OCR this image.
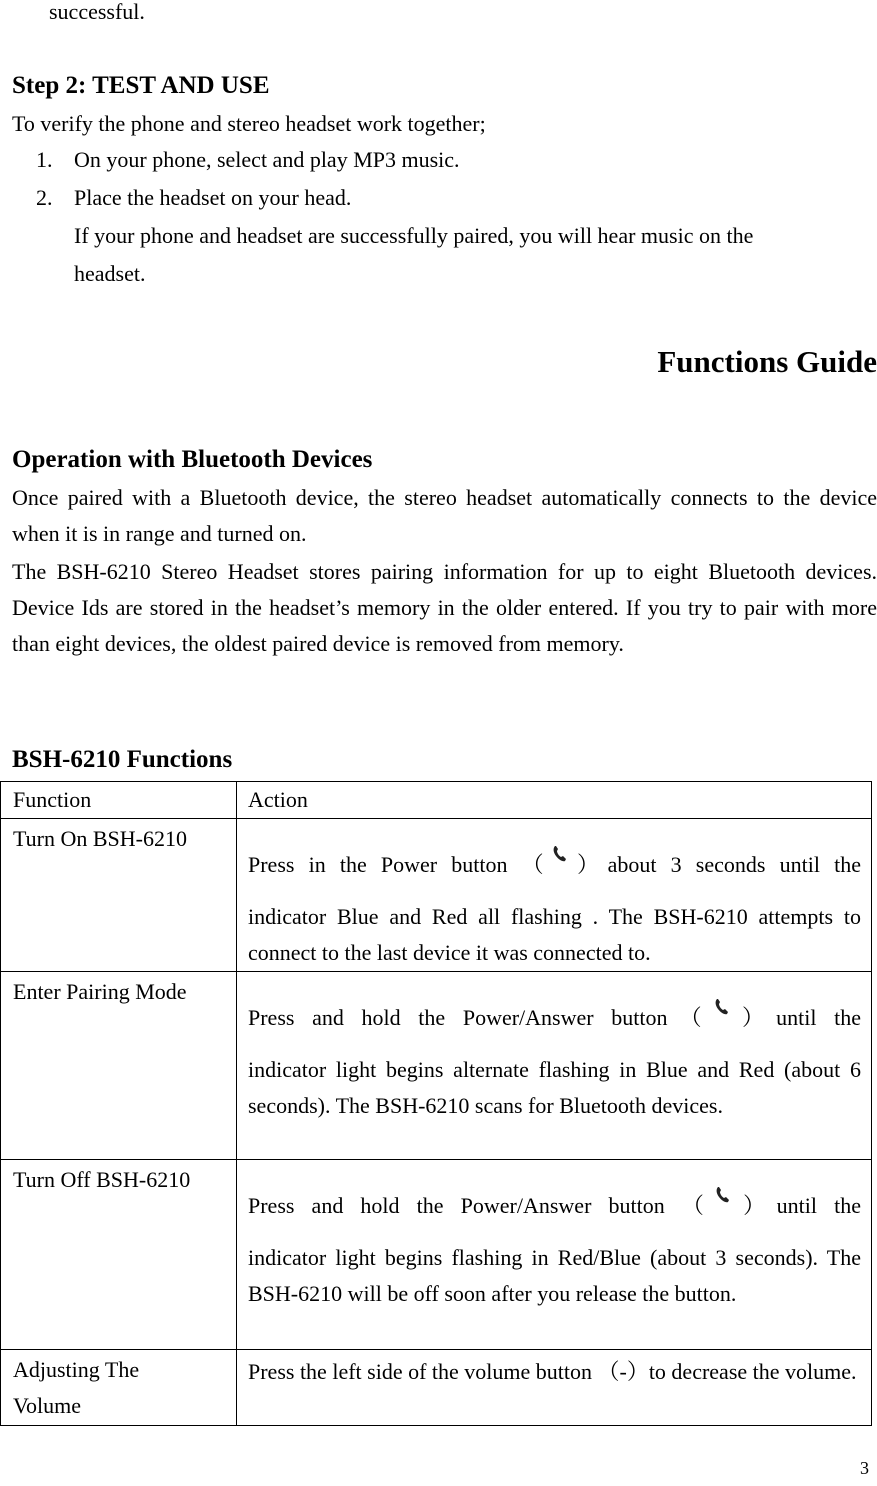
successful.
Step 2: TEST AND USE
To verify the phone and stereo headset work together;
1. On your phone, select and play MP3 music.
2. Place the headset on your head.
If your phone and headset are successfully paired, you will hear music on the
headset.
Functions Guide
Operation with Bluetooth Devices
Once paired with a Bluetooth device, the stereo headset automatically connects to the device when it is in range and turned on.
The BSH-6210 Stereo Headset stores pairing information for up to eight Bluetooth devices. Device Ids are stored in the headset’s memory in the older entered. If you try to pair with more than eight devices, the oldest paired device is removed from memory.
BSH-6210 Functions
Function	Action
Turn On BSH-6210	Press in the Power button （ ）about 3 seconds until the
indicator Blue and Red all flashing . The BSH-6210 attempts to connect to the last device it was connected to.

Enter Pairing Mode	Press and hold the Power/Answer button（ ）until the
indicator light begins alternate flashing in Blue and Red (about 6 seconds). The BSH-6210 scans for Bluetooth devices.

Turn Off BSH-6210	Press and hold the Power/Answer button （ ）until the
indicator light begins flashing in Red/Blue (about 3 seconds). The BSH-6210 will be off soon after you release the button.

Adjusting The
Volume	Press the left side of the volume button （-）to decrease the volume.
3
